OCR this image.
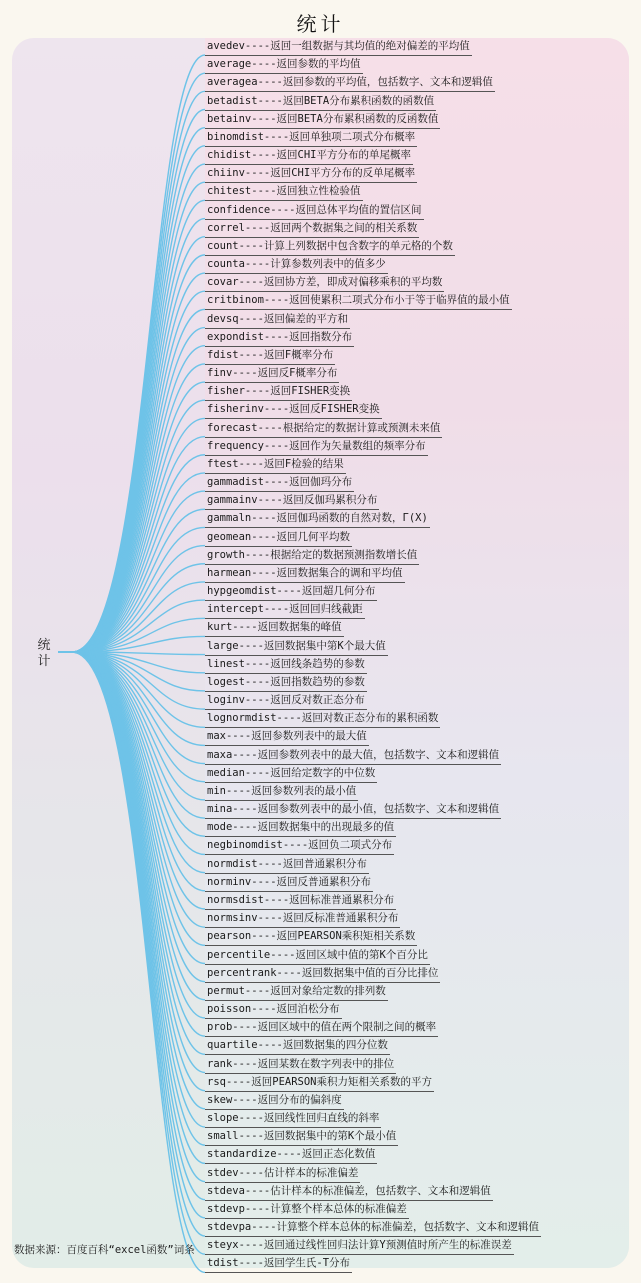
统计
统
计
avedev----返回一组数据与其均值的绝对偏差的平均值
average----返回参数的平均值
averagea----返回参数的平均值，包括数字、文本和逻辑值
betadist----返回BETA分布累积函数的函数值
betainv----返回BETA分布累积函数的反函数值
binomdist----返回单独项二项式分布概率
chidist----返回CHI平方分布的单尾概率
chiinv----返回CHI平方分布的反单尾概率
chitest----返回独立性检验值
confidence----返回总体平均值的置信区间
correl----返回两个数据集之间的相关系数
count----计算上列数据中包含数字的单元格的个数
counta----计算参数列表中的值多少
covar----返回协方差，即成对偏移乘积的平均数
critbinom----返回使累积二项式分布小于等于临界值的最小值
devsq----返回偏差的平方和
expondist----返回指数分布
fdist----返回F概率分布
finv----返回反F概率分布
fisher----返回FISHER变换
fisherinv----返回反FISHER变换
forecast----根据给定的数据计算或预测未来值
frequency----返回作为矢量数组的频率分布
ftest----返回F检验的结果
gammadist----返回伽玛分布
gammainv----返回反伽玛累积分布
gammaln----返回伽玛函数的自然对数，Γ(X)
geomean----返回几何平均数
growth----根据给定的数据预测指数增长值
harmean----返回数据集合的调和平均值
hypgeomdist----返回超几何分布
intercept----返回回归线截距
kurt----返回数据集的峰值
large----返回数据集中第K个最大值
linest----返回线条趋势的参数
logest----返回指数趋势的参数
loginv----返回反对数正态分布
lognormdist----返回对数正态分布的累积函数
max----返回参数列表中的最大值
maxa----返回参数列表中的最大值，包括数字、文本和逻辑值
median----返回给定数字的中位数
min----返回参数列表的最小值
mina----返回参数列表中的最小值，包括数字、文本和逻辑值
mode----返回数据集中的出现最多的值
negbinomdist----返回负二项式分布
normdist----返回普通累积分布
norminv----返回反普通累积分布
normsdist----返回标准普通累积分布
normsinv----返回反标准普通累积分布
pearson----返回PEARSON乘积矩相关系数
percentile----返回区域中值的第K个百分比
percentrank----返回数据集中值的百分比排位
permut----返回对象给定数的排列数
poisson----返回泊松分布
prob----返回区域中的值在两个限制之间的概率
quartile----返回数据集的四分位数
rank----返回某数在数字列表中的排位
rsq----返回PEARSON乘积力矩相关系数的平方
skew----返回分布的偏斜度
slope----返回线性回归直线的斜率
small----返回数据集中的第K个最小值
standardize----返回正态化数值
stdev----估计样本的标准偏差
stdeva----估计样本的标准偏差，包括数字、文本和逻辑值
stdevp----计算整个样本总体的标准偏差
stdevpa----计算整个样本总体的标准偏差，包括数字、文本和逻辑值
steyx----返回通过线性回归法计算Y预测值时所产生的标准误差
tdist----返回学生氏-T分布
数据来源：百度百科“excel函数”词条
